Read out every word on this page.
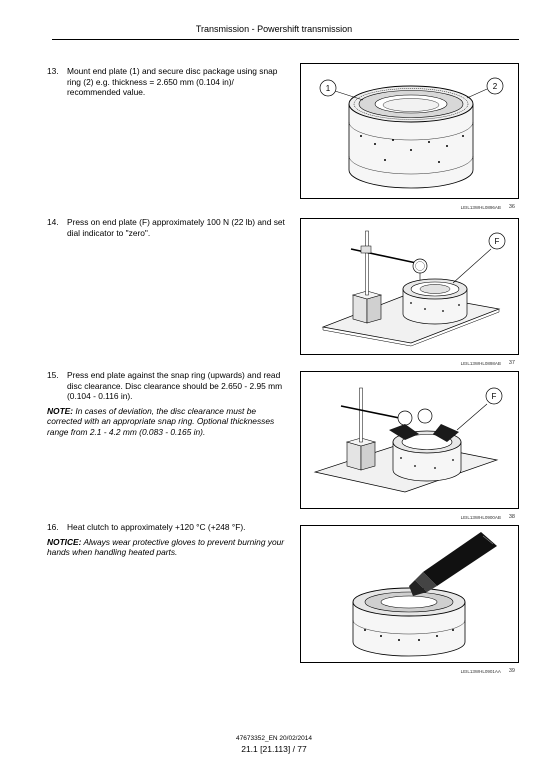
Transmission - Powershift transmission
13. Mount end plate (1) and secure disc package using snap ring (2) e.g. thickness = 2.650 mm (0.104 in)/ recommended value.
14. Press on end plate (F) approximately 100 N (22 lb) and set dial indicator to "zero".
15. Press end plate against the snap ring (upwards) and read disc clearance. Disc clearance should be 2.650 - 2.95 mm (0.104 - 0.116 in).
NOTE: In cases of deviation, the disc clearance must be corrected with an appropriate snap ring. Optional thicknesses range from 2.1 - 4.2 mm (0.083 - 0.165 in).
16. Heat clutch to approximately +120 °C (+248 °F).
NOTICE: Always wear protective gloves to prevent burning your hands when handling heated parts.
1	2
LEIL13WHL0896AB 36
F
LEIL13WHL0898AB 37
F
LEIL13WHL0900AB 38
LEIL13WHL0901AA 39
47673352_EN 20/02/2014
21.1 [21.113] / 77
